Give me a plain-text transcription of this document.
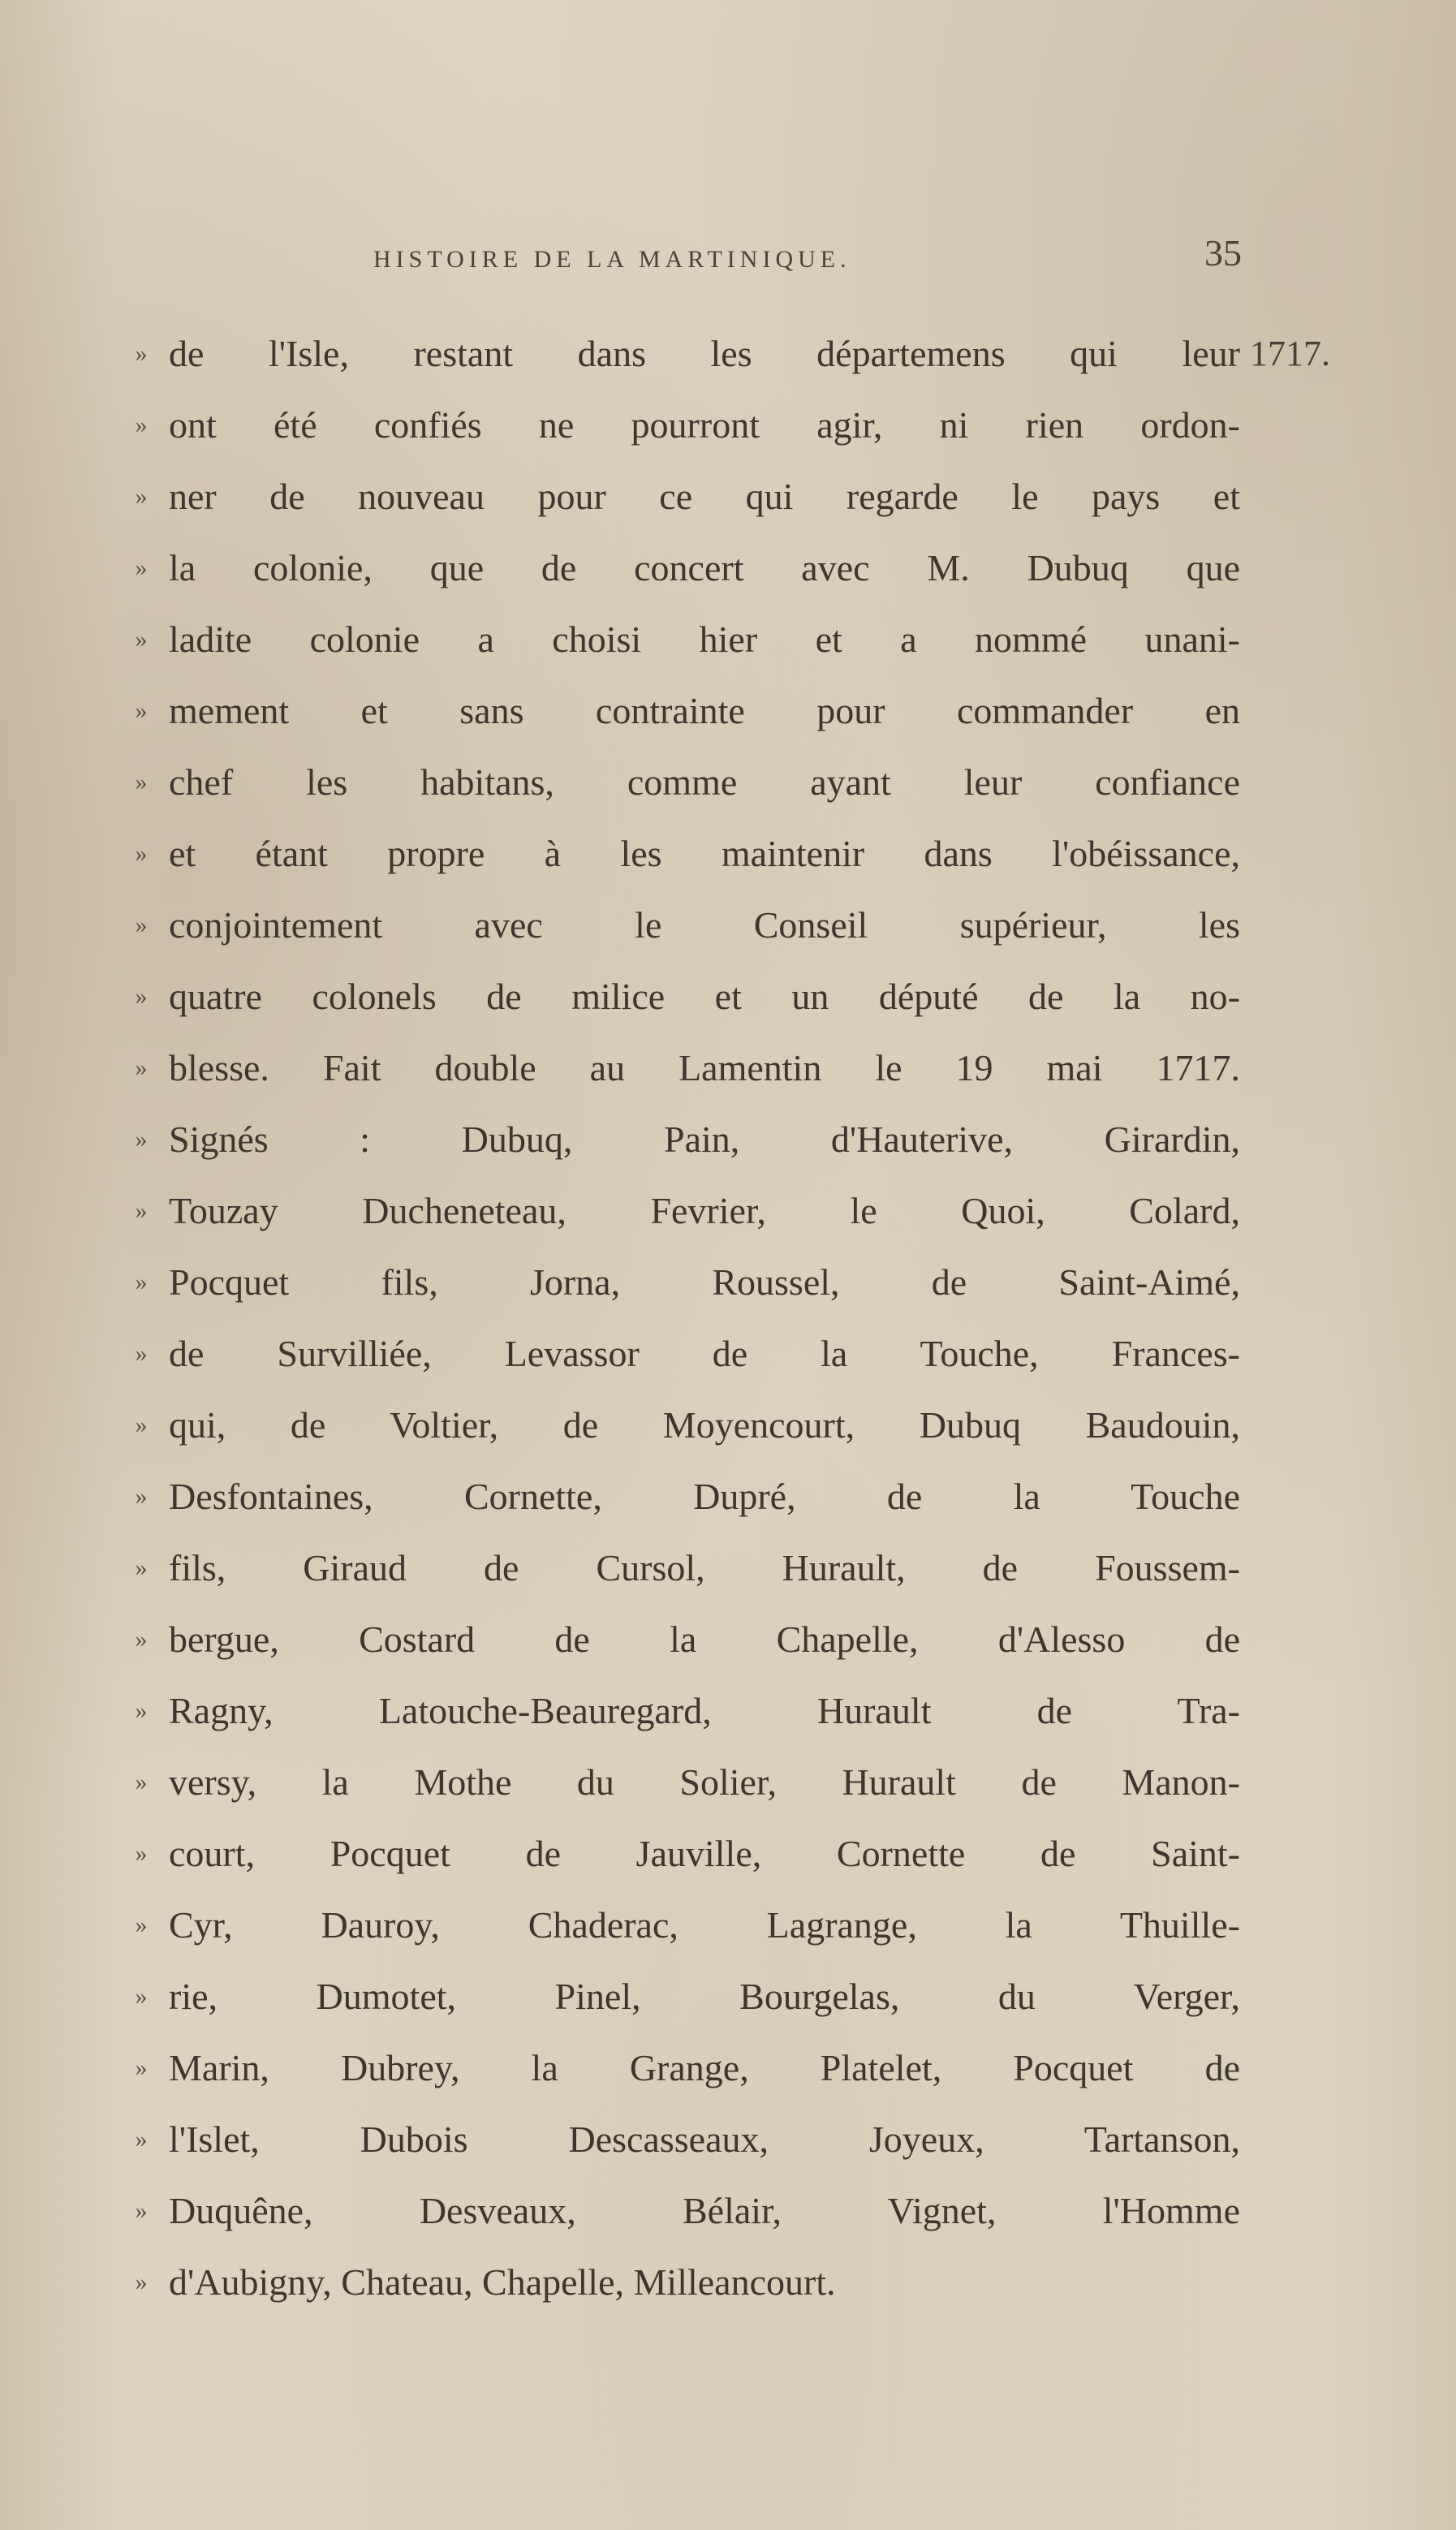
HISTOIRE DE LA MARTINIQUE.	35
1717.
» de l'Isle, restant dans les départemens qui leur
» ont été confiés ne pourront agir, ni rien ordon-
» ner de nouveau pour ce qui regarde le pays et
» la colonie, que de concert avec M. Dubuq que
» ladite colonie a choisi hier et a nommé unani-
» mement et sans contrainte pour commander en
» chef les habitans, comme ayant leur confiance
» et étant propre à les maintenir dans l'obéissance,
» conjointement avec le Conseil supérieur, les
» quatre colonels de milice et un député de la no-
» blesse. Fait double au Lamentin le 19 mai 1717.
» Signés : Dubuq, Pain, d'Hauterive, Girardin,
» Touzay Ducheneteau, Fevrier, le Quoi, Colard,
» Pocquet fils, Jorna, Roussel, de Saint-Aimé,
» de Survilliée, Levassor de la Touche, Frances-
» qui, de Voltier, de Moyencourt, Dubuq Baudouin,
» Desfontaines, Cornette, Dupré, de la Touche
» fils, Giraud de Cursol, Hurault, de Foussem-
» bergue, Costard de la Chapelle, d'Alesso de
» Ragny, Latouche-Beauregard, Hurault de Tra-
» versy, la Mothe du Solier, Hurault de Manon-
» court, Pocquet de Jauville, Cornette de Saint-
» Cyr, Dauroy, Chaderac, Lagrange, la Thuille-
» rie, Dumotet, Pinel, Bourgelas, du Verger,
» Marin, Dubrey, la Grange, Platelet, Pocquet de
» l'Islet, Dubois Descasseaux, Joyeux, Tartanson,
» Duquêne, Desveaux, Bélair, Vignet, l'Homme
» d'Aubigny, Chateau, Chapelle, Milleancourt.
